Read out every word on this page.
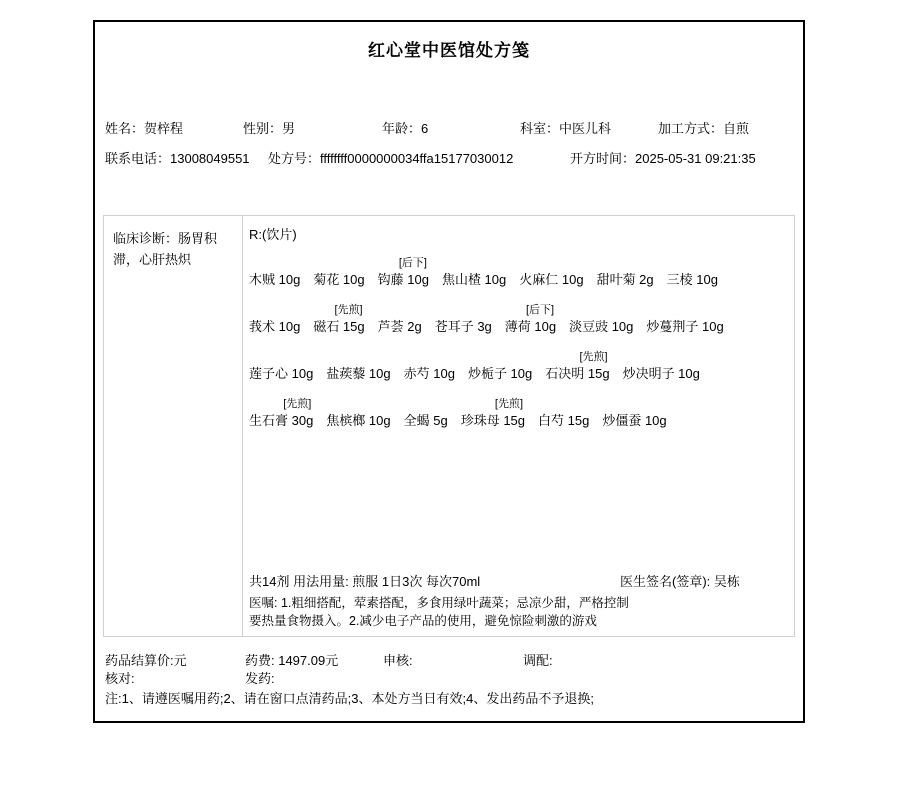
红心堂中医馆处方笺
姓名：贺梓程	性别：男	年龄：6	科室：中医儿科	加工方式：自煎
联系电话：13008049551	处方号：ffffffff0000000034ffa15177030012	开方时间：2025-05-31 09:21:35
临床诊断：肠胃积滞，心肝热炽
R:(饮片)
木贼 10g 菊花 10g
[后下]
钩藤 10g 焦山楂 10g 火麻仁 10g 甜叶菊 2g 三棱 10g
莪术 10g
[先煎]
磁石 15g 芦荟 2g 苍耳子 3g
[后下]
薄荷 10g 淡豆豉 10g 炒蔓荆子 10g
莲子心 10g 盐蒺藜 10g 赤芍 10g 炒栀子 10g
[先煎]
石决明 15g 炒决明子 10g
[先煎]
生石膏 30g 焦槟榔 10g 全蝎 5g
[先煎]
珍珠母 15g 白芍 15g 炒僵蚕 10g
共14剂 用法用量: 煎服 1日3次 每次70ml	医生签名(签章): 吴栋
医嘱: 1.粗细搭配，荤素搭配，多食用绿叶蔬菜；忌凉少甜，严格控制要热量食物摄入。2.减少电子产品的使用，避免惊险刺激的游戏
药品结算价:元	药费: 1497.09元	申核:	调配:
核对:	发药:
注:1、请遵医嘱用药;2、请在窗口点清药品;3、本处方当日有效;4、发出药品不予退换;
